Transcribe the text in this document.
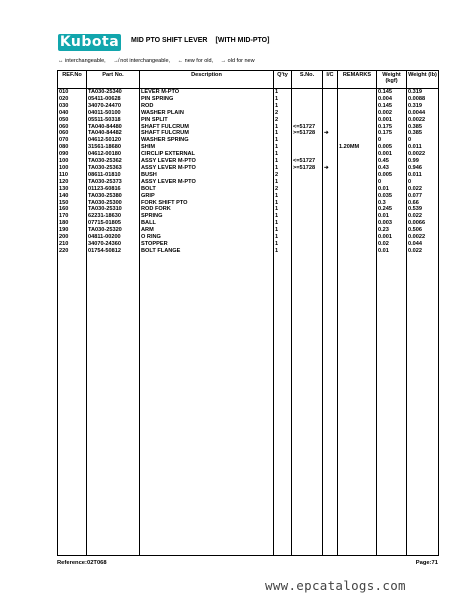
Kubota MID PTO SHIFT LEVER [WITH MID-PTO]
↔ interchangeable, ↛ not interchangeable, ← new for old, → old for new
REF.No	Part No.	Description	Q'ty	S.No.	I/C	REMARKS	Weight (kgf)	Weight (lb)
010	TA030-25340	LEVER M-PTO	1				0.145	0.319
020	05411-00628	PIN SPRING	1				0.004	0.0088
030	34070-24470	ROD	1				0.145	0.319
040	04011-50100	WASHER PLAIN	2				0.002	0.0044
050	05511-50318	PIN SPLIT	2				0.001	0.0022
060	TA040-84480	SHAFT FULCRUM	1	<=51727			0.175	0.385
060	TA040-84482	SHAFT FULCRUM	1	>=51728	➔		0.175	0.385
070	04612-50120	WASHER SPRING	1				0	0
080	31561-18680	SHIM	1			1.20MM	0.005	0.011
090	04612-00180	CIRCLIP EXTERNAL	1				0.001	0.0022
100	TA030-25362	ASSY LEVER M-PTO	1	<=51727			0.45	0.99
100	TA030-25363	ASSY LEVER M-PTO	1	>=51728	➔		0.43	0.946
110	08611-01810	BUSH	2				0.005	0.011
120	TA030-25373	ASSY LEVER M-PTO	1				0	0
130	01123-60816	BOLT	2				0.01	0.022
140	TA030-25380	GRIP	1				0.035	0.077
150	TA030-25300	FORK SHIFT PTO	1				0.3	0.66
160	TA030-25310	ROD FORK	1				0.245	0.539
170	62231-18630	SPRING	1				0.01	0.022
180	07715-01805	BALL	1				0.003	0.0066
190	TA030-25320	ARM	1				0.23	0.506
200	04811-00200	O RING	1				0.001	0.0022
210	34070-24360	STOPPER	1				0.02	0.044
220	01754-50812	BOLT FLANGE	1				0.01	0.022

Reference:02T068	Page:71
www.epcatalogs.com
